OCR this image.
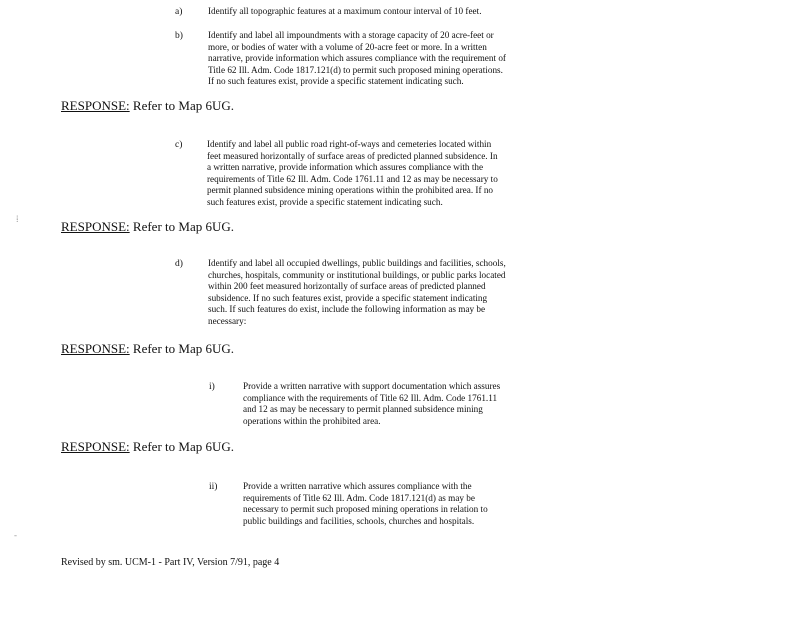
a)	Identify all topographic features at a maximum contour interval of 10 feet.
b)	Identify and label all impoundments with a storage capacity of 20 acre-feet or
more, or bodies of water with a volume of 20-acre feet or more. In a written
narrative, provide information which assures compliance with the requirement of
Title 62 Ill. Adm. Code 1817.121(d) to permit such proposed mining operations.
If no such features exist, provide a specific statement indicating such.
RESPONSE : Refer to Map 6UG.
c)	Identify and label all public road right-of-ways and cemeteries located within
feet measured horizontally of surface areas of predicted planned subsidence. In
a written narrative, provide information which assures compliance with the
requirements of Title 62 Ill. Adm. Code 1761.11 and 12 as may be necessary to
permit planned subsidence mining operations within the prohibited area. If no
such features exist, provide a specific statement indicating such.
RESPONSE : Refer to Map 6UG.
d)	Identify and label all occupied dwellings, public buildings and facilities, schools,
churches, hospitals, community or institutional buildings, or public parks located
within 200 feet measured horizontally of surface areas of predicted planned
subsidence. If no such features exist, provide a specific statement indicating
such. If such features do exist, include the following information as may be
necessary:
RESPONSE : Refer to Map 6UG.
i)	Provide a written narrative with support documentation which assures
compliance with the requirements of Title 62 Ill. Adm. Code 1761.11
and 12 as may be necessary to permit planned subsidence mining
operations within the prohibited area.
RESPONSE : Refer to Map 6UG.
ii)	Provide a written narrative which assures compliance with the
requirements of Title 62 Ill. Adm. Code 1817.121(d) as may be
necessary to permit such proposed mining operations in relation to
public buildings and facilities, schools, churches and hospitals.
Revised by sm. UCM-1 - Part IV, Version 7/91, page 4
⁞
‐
